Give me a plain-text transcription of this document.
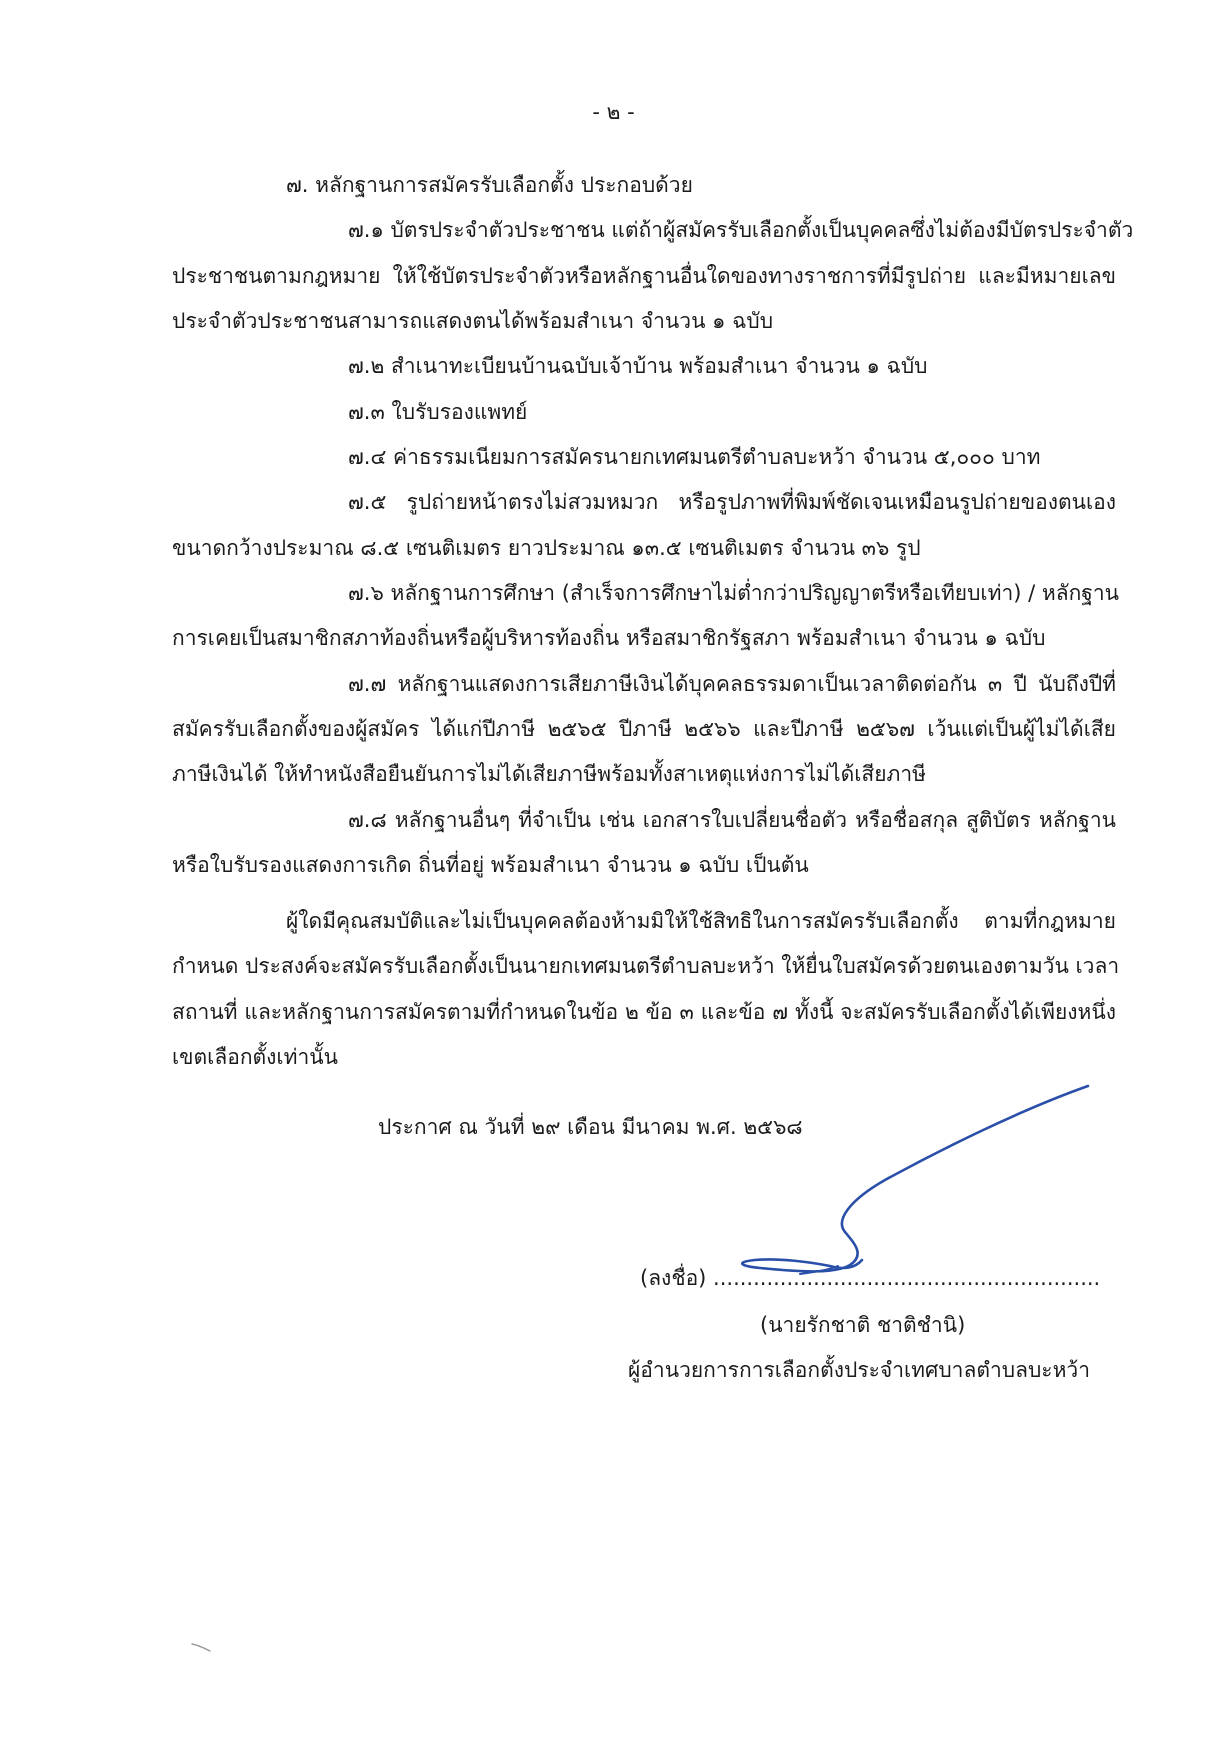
- ๒ -
๗. หลักฐานการสมัครรับเลือกตั้ง ประกอบด้วย
๗.๑ บัตรประจำตัวประชาชน แต่ถ้าผู้สมัครรับเลือกตั้งเป็นบุคคลซึ่งไม่ต้องมีบัตรประจำตัว
ประชาชนตามกฎหมาย ให้ใช้บัตรประจำตัวหรือหลักฐานอื่นใดของทางราชการที่มีรูปถ่าย และมีหมายเลข
ประจำตัวประชาชนสามารถแสดงตนได้พร้อมสำเนา จำนวน ๑ ฉบับ
๗.๒ สำเนาทะเบียนบ้านฉบับเจ้าบ้าน พร้อมสำเนา จำนวน ๑ ฉบับ
๗.๓ ใบรับรองแพทย์
๗.๔ ค่าธรรมเนียมการสมัครนายกเทศมนตรีตำบลบะหว้า จำนวน ๕,๐๐๐ บาท
๗.๕ รูปถ่ายหน้าตรงไม่สวมหมวก หรือรูปภาพที่พิมพ์ชัดเจนเหมือนรูปถ่ายของตนเอง
ขนาดกว้างประมาณ ๘.๕ เซนติเมตร ยาวประมาณ ๑๓.๕ เซนติเมตร จำนวน ๓๖ รูป
๗.๖ หลักฐานการศึกษา (สำเร็จการศึกษาไม่ต่ำกว่าปริญญาตรีหรือเทียบเท่า) / หลักฐาน
การเคยเป็นสมาชิกสภาท้องถิ่นหรือผู้บริหารท้องถิ่น หรือสมาชิกรัฐสภา พร้อมสำเนา จำนวน ๑ ฉบับ
๗.๗ หลักฐานแสดงการเสียภาษีเงินได้บุคคลธรรมดาเป็นเวลาติดต่อกัน ๓ ปี นับถึงปีที่
สมัครรับเลือกตั้งของผู้สมัคร ได้แก่ปีภาษี ๒๕๖๕ ปีภาษี ๒๕๖๖ และปีภาษี ๒๕๖๗ เว้นแต่เป็นผู้ไม่ได้เสีย
ภาษีเงินได้ ให้ทำหนังสือยืนยันการไม่ได้เสียภาษีพร้อมทั้งสาเหตุแห่งการไม่ได้เสียภาษี
๗.๘ หลักฐานอื่นๆ ที่จำเป็น เช่น เอกสารใบเปลี่ยนชื่อตัว หรือชื่อสกุล สูติบัตร หลักฐาน
หรือใบรับรองแสดงการเกิด ถิ่นที่อยู่ พร้อมสำเนา จำนวน ๑ ฉบับ เป็นต้น
ผู้ใดมีคุณสมบัติและไม่เป็นบุคคลต้องห้ามมิให้ใช้สิทธิในการสมัครรับเลือกตั้ง ตามที่กฎหมาย
กำหนด ประสงค์จะสมัครรับเลือกตั้งเป็นนายกเทศมนตรีตำบลบะหว้า ให้ยื่นใบสมัครด้วยตนเองตามวัน เวลา
สถานที่ และหลักฐานการสมัครตามที่กำหนดในข้อ ๒ ข้อ ๓ และข้อ ๗ ทั้งนี้ จะสมัครรับเลือกตั้งได้เพียงหนึ่ง
เขตเลือกตั้งเท่านั้น
ประกาศ ณ วันที่ ๒๙ เดือน มีนาคม พ.ศ. ๒๕๖๘
(ลงชื่อ) ..........................................................
(นายรักชาติ ชาติชำนิ)
ผู้อำนวยการการเลือกตั้งประจำเทศบาลตำบลบะหว้า
